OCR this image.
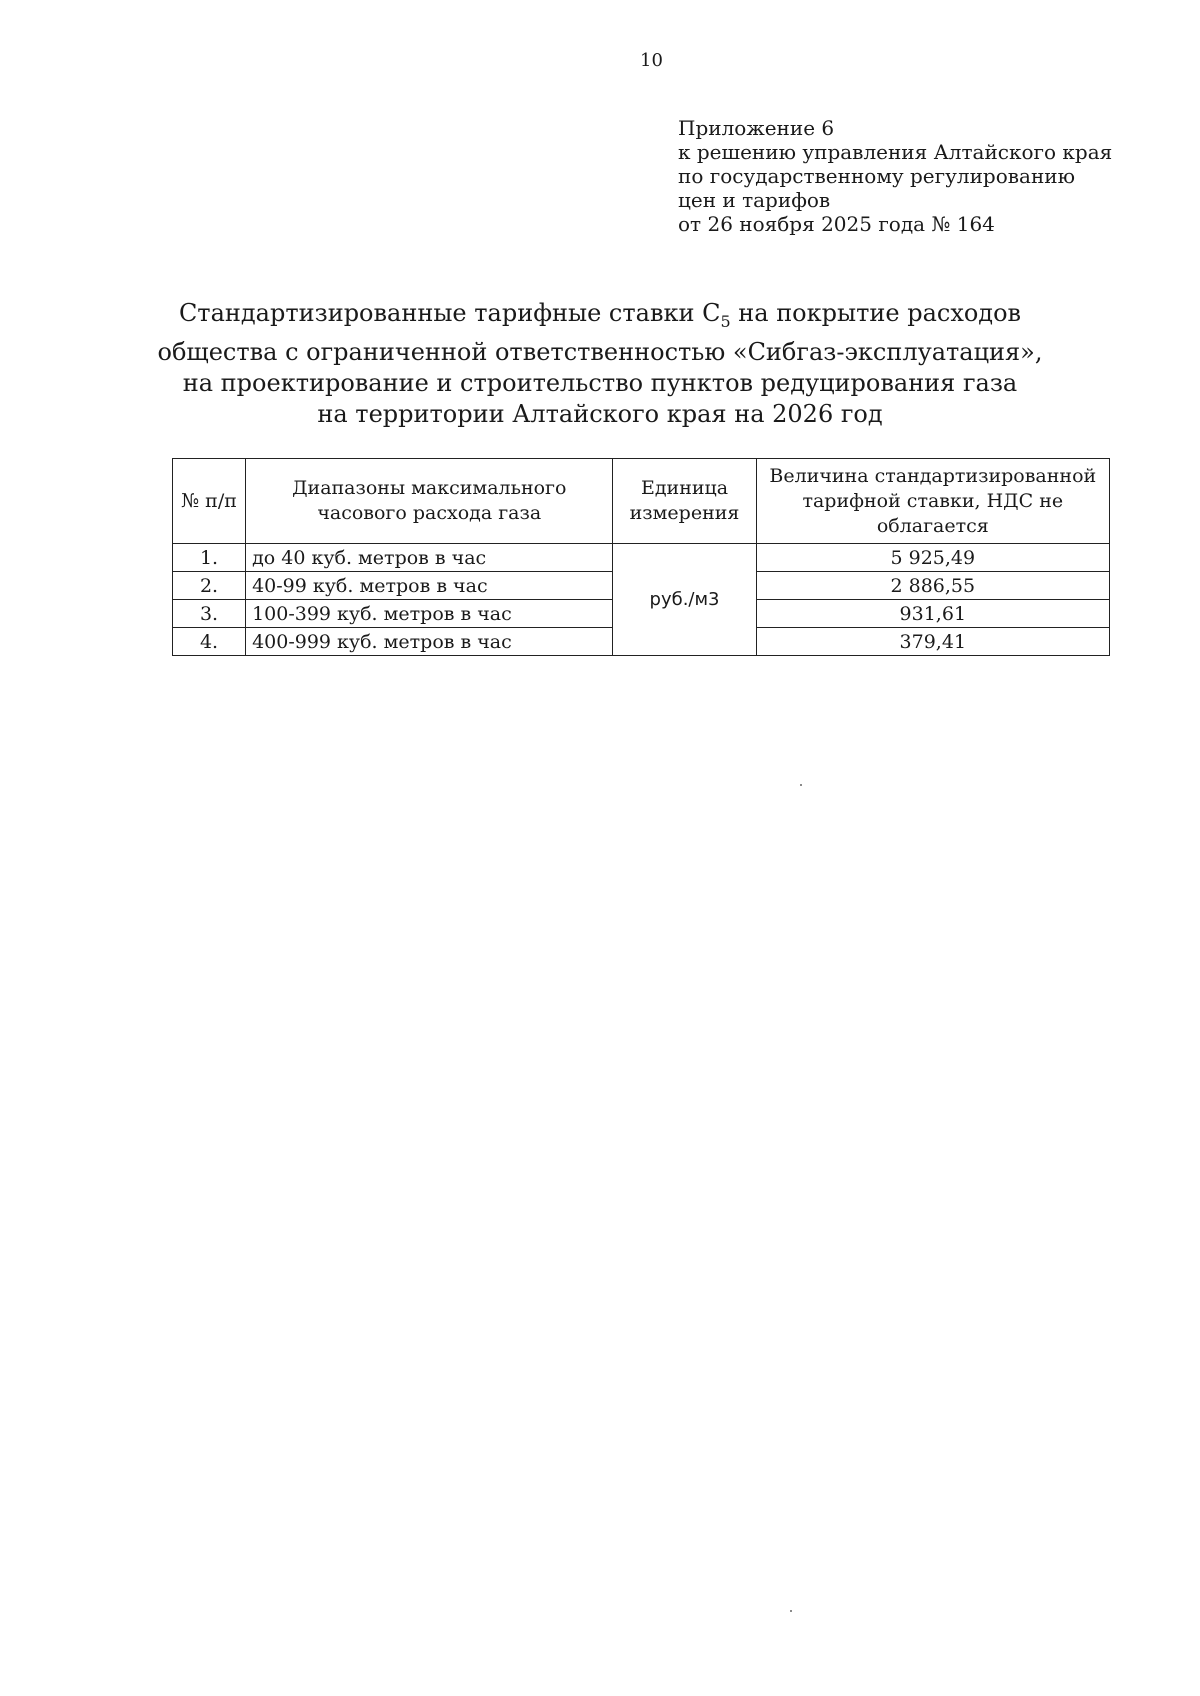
10
Приложение 6
к решению управления Алтайского края
по государственному регулированию
цен и тарифов
от 26 ноября 2025 года № 164
Стандартизированные тарифные ставки $С_5$ на покрытие расходов
общества с ограниченной ответственностью «Сибгаз-эксплуатация»,
на проектирование и строительство пунктов редуцирования газа
на территории Алтайского края на 2026 год
№ п/п	Диапазоны максимального часового расхода газа	Единица измерения	Величина стандартизированной тарифной ставки, НДС не облагается
1.	до 40 куб. метров в час	руб./м3	5 925,49
2.	40-99 куб. метров в час		2 886,55
3.	100-399 куб. метров в час		931,61
4.	400-999 куб. метров в час		379,41
